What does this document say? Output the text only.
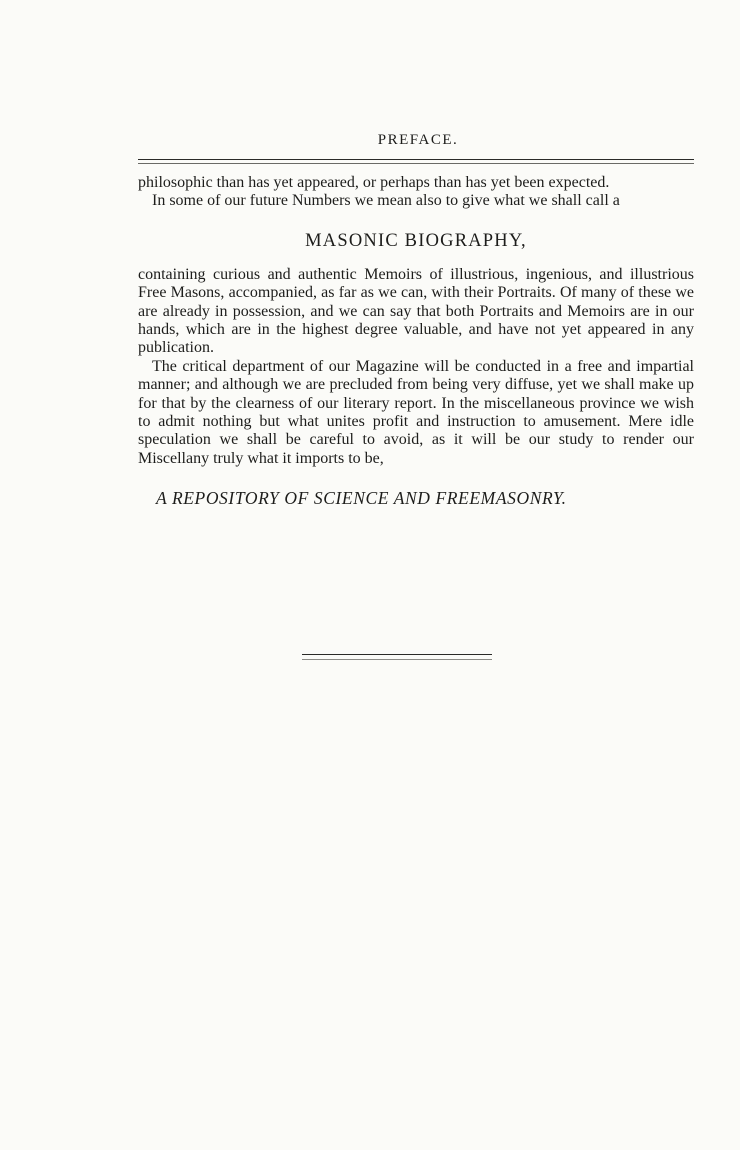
PREFACE.

philosophic than has yet appeared, or perhaps than has yet been expected.

In some of our future Numbers we mean also to give what we shall call a

MASONIC BIOGRAPHY,

containing curious and authentic Memoirs of illustrious, ingenious, and illustrious Free Masons, accompanied, as far as we can, with their Portraits. Of many of these we are already in possession, and we can say that both Portraits and Memoirs are in our hands, which are in the highest degree valuable, and have not yet appeared in any publication.

The critical department of our Magazine will be conducted in a free and impartial manner; and although we are precluded from being very diffuse, yet we shall make up for that by the clearness of our literary report. In the miscellaneous province we wish to admit nothing but what unites profit and instruction to amusement. Mere idle speculation we shall be careful to avoid, as it will be our study to render our Miscellany truly what it imports to be,

A REPOSITORY OF SCIENCE AND FREEMASONRY.
